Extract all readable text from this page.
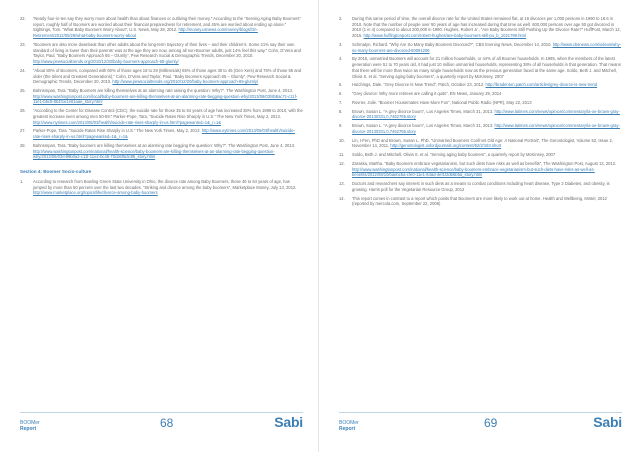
22.	“Nearly four-in-ten say they worry more about health than about finances or outliving their money.” According to the “Serving Aging Baby Boomers” report, roughly half of Boomers are worried about their financial preparedness for retirement, and 45% are worried about ending up alone.” Sightings, Tom. “What Baby Boomers Worry About”, U.S. News, May 28, 2012. http://money.usnews.com/money/blogs/On-Retirement/2012/05/28/what-baby-boomers-worry-about
23.	“Boomers are also more downbeat than other adults about the long-term trajectory of their lives – and their children’s. Some 21% say their own standard of living is lower than their parents’ was at the age they are now, among all non-Boomer adults, just 14% feel this way.” Cohn, D’Vera and Taylor, Paul. “Baby Boomers Approach 65 – Glumly”, Pew Research Social & Demographic Trends, December 20, 2010. http://www.pewsocialtrends.org/2010/12/20/baby-boomers-approach-65-glumly/
24.	“About 80% of Boomers, compared with 60% of those ages 18 to 29 (Millennials) 65% of those ages 30 to 45 (Gen Xers) and 76% of those 65 and older (the Silent and Greatest Generations).” Cohn, D’Vera and Taylor, Paul. “Baby Boomers Approach 65 – Glumly”, Pew Research Social & Demographic Trends, December 20, 2010. http://www.pewsocialtrends.org/2010/12/20/baby-boomers-approach-65-glumly/
25.	Bahnsmpan, Tara. “Baby Boomers are killing themselves at an alarming rate raising the question: Why?”. The Washington Post, June 4, 2013. http://www.washingtonpost.com/local/baby-boomers-are-killing-themselves-at-an-alarming-rate-begging-question-why/2013/06/03/8b8ac7c-c11f-11e1-b5c8-8b4f1e1e01aae_story.html
26.	“According to the Center for Disease Control (CDC), the suicide rate for those 35 to 64 years of age has increased 28% from 1999 to 2010, with the greatest increase seen among men 50-59.” Parker-Pope, Tara, “Suicide Rates Rise Sharply in U.S.” The New York Times, May 2, 2013. http://www.nytimes.com/2013/05/03/health/suicide-rate-rises-sharply-in-us.html?pagewanted=1&_r=1&
27.	Parker-Pope, Tara. “Suicide Rates Rise Sharply in U.S.” The New York Times, May 2, 2013. http://www.nytimes.com/2013/05/03/health/suicide-rate-rises-sharply-in-us.html?pagewanted=1&_r=1&
28.	Bahnsmpan, Tara. “Baby boomers are killing themselves at an alarming rate begging the question: Why?”. The Washington Post, June 4, 2013. http://www.washingtonpost.com/national/health-science/baby-boomers-are-killing-themselves-at-an-alarming-rate-begging-question-why/2013/06/03/e99b0a2-c11f-11e2-bc46-70cb6ffa3c85_story.html
Section 4: Boomer Socio-culture
1.	According to research from Bowling Green State University in Ohio, the divorce rate among Baby Boomers, those 46 to 64 years of age, has jumped by more than 50 percent over the last two decades. “Striking and divorce among the baby boomers”, Marketplace Money, July 13, 2012. http://www.marketplace.org/topics/life/divorce-among-baby-boomers
BOOMer

Report	68	Sabi
2.	During this same period of time, the overall divorce rate for the United States remained flat, at 19 divorces per 1,000 persons in 1990 to 18.6 in 2010. Note that the number of people over 50 years of age has increased during that time as well. 600,000 persons over age 50 got divorced in 2010 (1 in 4) compared to about 200,000 in 1990. Hughes, Robert Jr., “Are Baby Boomers Still Pushing Up the Divorce Rate?” HuffPost, March 12, 2015. http://www.huffingtonpost.com/robert-hughes/are-baby-boomers-still-pu_b_1021799.html
3.	Schmatyn, Richard. “Why Are So Many Baby Boomers Divorced?”, CBS Evening News, December 14, 2010. http://www.cbsnews.com/videos/why-so-many-boomers-are-divorced-50091206
4.	By 2015, unmarried Boomers will account for 21 million households, or 44% of all Boomer households. In 1985, when the members of the latest generation were 51 to 70 years old, it had just 10 million unmarried households, representing 38% of all households in that generation. That means that there will be more than twice as many single households now as the previous generation faced at the same age. Soldo, Beth J. and Mitchell, Olivia S. et al. “Serving aging baby boomers”, a quarterly report by McKinsey, 2007
5.	Hutchings, Dale. “Grey Divorce Is New Trend”, Patch, October 23, 2012. http://bradenton.patch.com/articles/grey-divorce-is-new-trend
6.	“Grey divorce: Why more retirees are calling it quits”, EN News, January 29, 2014
7.	Rovner, Julie. “Boomer Housemates Have More Fun”, National Public Radio (NPR), May 22, 2013
8.	Brown, Susan L. “A grey divorce boom”, Los Angeles Times, March 31, 2013. http://www.latimes.com/news/opinion/commentary/la-oe-brown-gray-divorce-20130331,0,7462765.story
9.	Brown, Susan L. “A grey divorce boom”, Los Angeles Times, March 31, 2013. http://www.latimes.com/news/opinion/commentary/la-oe-brown-gray-divorce-20130331,0,7462765.story
10.	Lin, I-Fen, PhD and Brown, Susan L. PhD. “Unmarried Boomers Confront Old Age: A National Portrait”, The Gerontologist, Volume 52, Issue 2, November 14, 2011. http://gerontologist.oxfordjournals.org/content/52/2/153.short
11.	Soldo, Beth J. and Mitchell, Olivia S. et al. “Serving aging baby boomers”, a quarterly report by McKinsey, 2007
12.	Zaraska, Martha. “Baby Boomers embrace vegetarianism, but such diets have risks as well as benefits”, The Washington Post, August 13, 2012. http://www.washingtonpost.com/national/health-science/baby-boomers-embrace-vegetarianism-but-such-diets-have-risks-as-well-as-benefits/2012/08/10/baebc5a-cfe0-11e1-84ad-4ef1f2db6b5a_story.html
13.	Doctors and researchers say interest in such diets as a means to combat conditions including heart disease, Type 2 Diabetes, and obesity, is growing. Harris poll for the Vegetarian Resource Group, 2012
14.	This report comes in contrast to a report which posits that Boomers are more likely to work out at home. Health and Wellbeing, Mintel, 2012 (reported by mercola.com, September 22, 2006)
BOOMer

Report	69	Sabi
